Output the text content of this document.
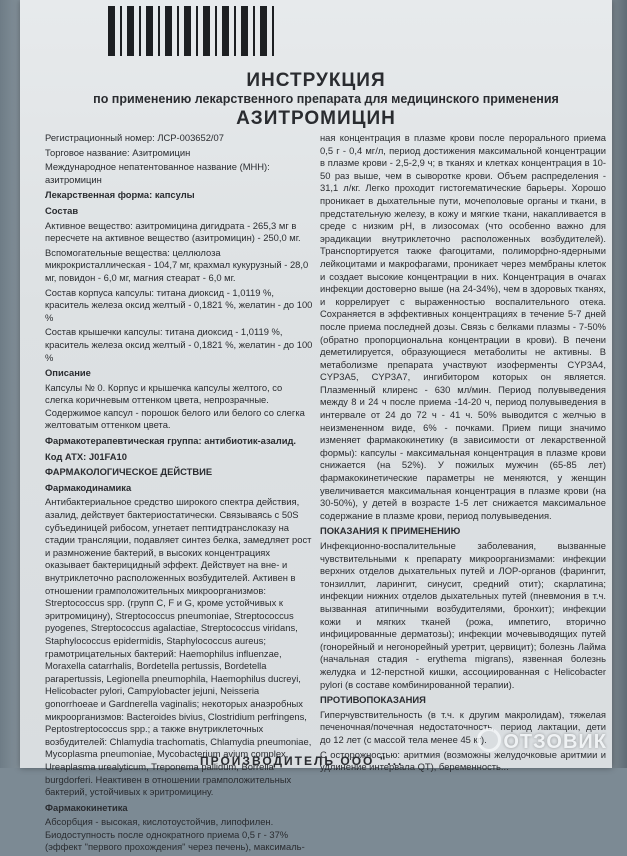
ИНСТРУКЦИЯ
по применению лекарственного препарата для медицинского применения
АЗИТРОМИЦИН

Регистрационный номер: ЛСР-003652/07

Торговое название: Азитромицин

Международное непатентованное название (МНН): азитромицин

Лекарственная форма: капсулы

Состав

Активное вещество: азитромицина дигидрата - 265,3 мг в пересчете на активное вещество (азитромицин) - 250,0 мг.

Вспомогательные вещества: целлюлоза микрокристаллическая - 104,7 мг, крахмал кукурузный - 28,0 мг, повидон - 6,0 мг, магния стеарат - 6,0 мг.

Состав корпуса капсулы: титана диоксид - 1,0119 %, краситель железа оксид желтый - 0,1821 %, желатин - до 100 %

Состав крышечки капсулы: титана диоксид - 1,0119 %, краситель железа оксид желтый - 0,1821 %, желатин - до 100 %

Описание

Капсулы № 0. Корпус и крышечка капсулы желтого, со слегка коричневым оттенком цвета, непрозрачные. Содержимое капсул - порошок белого или белого со слегка желтоватым оттенком цвета.

Фармакотерапевтическая группа: антибиотик-азалид.

Код АТХ: J01FA10

ФАРМАКОЛОГИЧЕСКОЕ ДЕЙСТВИЕ

Фармакодинамика

Антибактериальное средство широкого спектра действия, азалид, действует бактериостатически. Связываясь с 50S субъединицей рибосом, угнетает пептидтранслоказу на стадии трансляции, подавляет синтез белка, замедляет рост и размножение бактерий, в высоких концентрациях оказывает бактерицидный эффект. Действует на вне- и внутриклеточно расположенных возбудителей. Активен в отношении грамположительных микроорганизмов: Streptococcus spp. (групп С, F и G, кроме устойчивых к эритромицину), Streptococcus pneumoniae, Streptococcus pyogenes, Streptococcus agalactiae, Streptococcus viridans, Staphylococcus epidermidis, Staphylococcus aureus; грамотрицательных бактерий: Haemophilus influenzae, Moraxella catarrhalis, Bordetella pertussis, Bordetella parapertussis, Legionella pneumophila, Haemophilus ducreyi, Helicobacter pylori, Campylobacter jejuni, Neisseria gonorrhoeae и Gardnerella vaginalis; некоторых анаэробных микроорганизмов: Bacteroides bivius, Clostridium perfringens, Peptostreptococcus spp.; а также внутриклеточных возбудителей: Chlamydia trachomatis, Chlamydia pneumoniae, Mycoplasma pneumoniae, Mycobacterium avium complex, Ureaplasma urealyticum, Treponema pallidum, Borrelia burgdorferi. Неактивен в отношении грамположительных бактерий, устойчивых к эритромицину.

Фармакокинетика

Абсорбция - высокая, кислотоустойчив, липофилен. Биодоступность после однократного приема 0,5 г - 37% (эффект "первого прохождения" через печень), максималь-

ная концентрация в плазме крови после перорального приема 0,5 г - 0,4 мг/л, период достижения максимальной концентрации в плазме крови - 2,5-2,9 ч; в тканях и клетках концентрация в 10-50 раз выше, чем в сыворотке крови. Объем распределения - 31,1 л/кг. Легко проходит гистогематические барьеры. Хорошо проникает в дыхательные пути, мочеполовые органы и ткани, в предстательную железу, в кожу и мягкие ткани, накапливается в среде с низким рН, в лизосомах (что особенно важно для эрадикации внутриклеточно расположенных возбудителей). Транспортируется также фагоцитами, полиморфно-ядерными лейкоцитами и макрофагами, проникает через мембраны клеток и создает высокие концентрации в них. Концентрация в очагах инфекции достоверно выше (на 24-34%), чем в здоровых тканях, и коррелирует с выраженностью воспалительного отека. Сохраняется в эффективных концентрациях в течение 5-7 дней после приема последней дозы. Связь с белками плазмы - 7-50% (обратно пропорциональна концентрации в крови). В печени деметилируется, образующиеся метаболиты не активны. В метаболизме препарата участвуют изоферменты CYP3A4, CYP3A5, CYP3A7, ингибитором которых он является. Плазменный клиренс - 630 мл/мин. Период полувыведения между 8 и 24 ч после приема -14-20 ч, период полувыведения в интервале от 24 до 72 ч - 41 ч. 50% выводится с желчью в неизмененном виде, 6% - почками. Прием пищи значимо изменяет фармакокинетику (в зависимости от лекарственной формы): капсулы - максимальная концентрация в плазме крови снижается (на 52%). У пожилых мужчин (65-85 лет) фармакокинетические параметры не меняются, у женщин увеличивается максимальная концентрация в плазме крови (на 30-50%), у детей в возрасте 1-5 лет снижается максимальное содержание в плазме крови, период полувыведения.

ПОКАЗАНИЯ К ПРИМЕНЕНИЮ

Инфекционно-воспалительные заболевания, вызванные чувствительными к препарату микроорганизмами: инфекции верхних отделов дыхательных путей и ЛОР-органов (фарингит, тонзиллит, ларингит, синусит, средний отит); скарлатина; инфекции нижних отделов дыхательных путей (пневмония в т.ч. вызванная атипичными возбудителями, бронхит); инфекции кожи и мягких тканей (рожа, импетиго, вторично инфицированные дерматозы); инфекции мочевыводящих путей (гонорейный и негонорейный уретрит, цервицит); болезнь Лайма (начальная стадия - erythema migrans), язвенная болезнь желудка и 12-перстной кишки, ассоциированная с Helicobacter pylori (в составе комбинированной терапии).

ПРОТИВОПОКАЗАНИЯ

Гиперчувствительность (в т.ч. к другим макролидам), тяжелая печеночная/почечная недостаточность, период лактации, дети до 12 лет (с массой тела менее 45 кг).

С осторожностью: аритмия (возможны желудочковые аритмии и удлинение интервала QT), беременность...

ПРОИЗВОДИТЕЛЬ ООО "...
ОТЗОВИК
